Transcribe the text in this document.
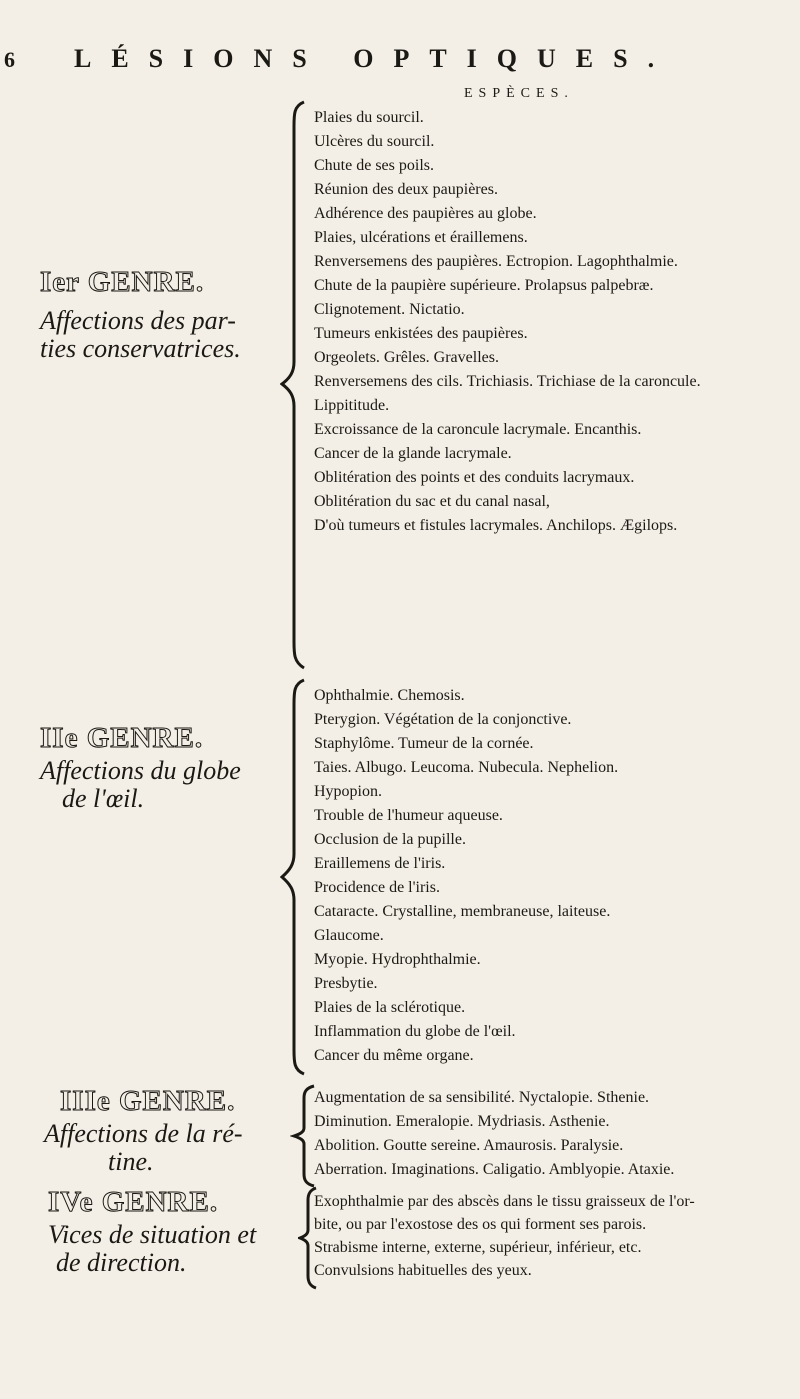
6 LÉSIONS OPTIQUES.
ESPÈCES.
Ier GENRE.
Affections des par-
ties conservatrices.
Plaies du sourcil.
Ulcères du sourcil.
Chute de ses poils.
Réunion des deux paupières.
Adhérence des paupières au globe.
Plaies, ulcérations et éraillemens.
Renversemens des paupières. Ectropion. Lagophthalmie.
Chute de la paupière supérieure. Prolapsus palpebræ.
Clignotement. Nictatio.
Tumeurs enkistées des paupières.
Orgeolets. Grêles. Gravelles.
Renversemens des cils. Trichiasis. Trichiase de la caroncule.
Lippititude.
Excroissance de la caroncule lacrymale. Encanthis.
Cancer de la glande lacrymale.
Oblitération des points et des conduits lacrymaux.
Oblitération du sac et du canal nasal,
D'où tumeurs et fistules lacrymales. Anchilops. Ægilops.
IIe GENRE.
Affections du globe
de l'œil.
Ophthalmie. Chemosis.
Pterygion. Végétation de la conjonctive.
Staphylôme. Tumeur de la cornée.
Taies. Albugo. Leucoma. Nubecula. Nephelion.
Hypopion.
Trouble de l'humeur aqueuse.
Occlusion de la pupille.
Eraillemens de l'iris.
Procidence de l'iris.
Cataracte. Crystalline, membraneuse, laiteuse.
Glaucome.
Myopie. Hydrophthalmie.
Presbytie.
Plaies de la sclérotique.
Inflammation du globe de l'œil.
Cancer du même organe.
IIIe GENRE.
Affections de la ré-
tine.
Augmentation de sa sensibilité. Nyctalopie. Sthenie.
Diminution. Emeralopie. Mydriasis. Asthenie.
Abolition. Goutte sereine. Amaurosis. Paralysie.
Aberration. Imaginations. Caligatio. Amblyopie. Ataxie.
IVe GENRE.
Vices de situation et
de direction.
Exophthalmie par des abscès dans le tissu graisseux de l'or-
bite, ou par l'exostose des os qui forment ses parois.
Strabisme interne, externe, supérieur, inférieur, etc.
Convulsions habituelles des yeux.
